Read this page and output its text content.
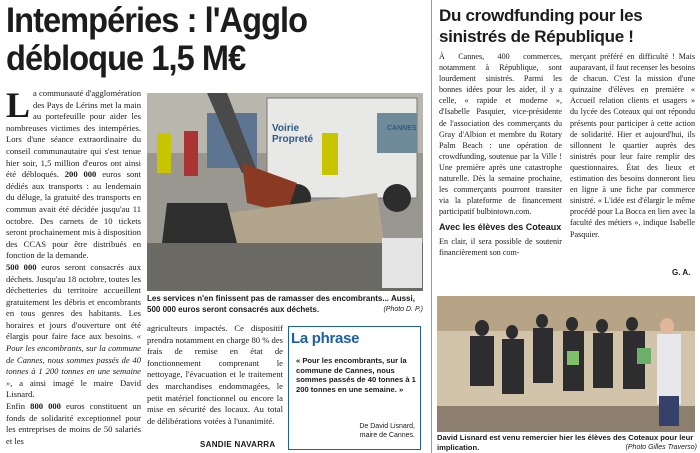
Intempéries : l'Agglo
débloque 1,5 M€
L a communauté d'agglomération des Pays de Lérins met la main au portefeuille pour aider les nombreuses victimes des intempéries. Lors d'une séance extraordinaire du conseil communautaire qui s'est tenue hier soir, 1,5 million d'euros ont ainsi été débloqués. 200 000 euros sont dédiés aux transports : au lendemain du déluge, la gratuité des transports en commun avait été décidée jusqu'au 11 octobre. Des carnets de 10 tickets seront prochainement mis à disposition des CCAS pour être distribués en fonction de la demande.
500 000 euros seront consacrés aux déchets. Jusqu'au 18 octobre, toutes les déchetteries du territoire accueillent gratuitement les débris et encombrants en tous genres des habitants. Les horaires et jours d'ouverture ont été élargis pour faire face aux besoins. « Pour les encombrants, sur la commune de Cannes, nous sommes passés de 40 tonnes à 1 200 tonnes en une semaine », a ainsi imagé le maire David Lisnard.
Enfin 800 000 euros constituent un fonds de solidarité exceptionnel pour les entreprises de moins de 50 salariés et les
Voirie Propreté
CANNES
Les services n'en finissent pas de ramasser des encombrants... Aussi, 500 000 euros seront consacrés aux déchets.	(Photo D. P.)

agriculteurs impactés. Ce dispositif prendra notamment en charge 80 % des frais de remise en état de fonctionnement comprenant le nettoyage, l'évacuation et le traitement des marchandises endommagées, le petit matériel fonctionnel ou encore la mise en sécurité des locaux. Au total de délibérations votées à l'unanimité.

SANDIE NAVARRA
La phrase
« Pour les encombrants, sur la commune de Cannes, nous sommes passés de 40 tonnes à 1 200 tonnes en une semaine. »
De David Lisnard,
maire de Cannes.
Du crowdfunding pour les
sinistrés de République !

À Cannes, 400 commerces, notamment à République, sont lourdement sinistrés. Parmi les bonnes idées pour les aider, il y a celle, « rapide et moderne », d'Isabelle Pasquier, vice-présidente de l'association des commerçants du Gray d'Albion et membre du Rotary Palm Beach : une opération de crowdfunding, soutenue par la Ville ! Une première après une catastrophe naturelle. Dès la semaine prochaine, les commerçants pourront transiter via la plateforme de financement participatif bulbintown.com.

Avec les élèves des Coteaux

En clair, il sera possible de soutenir financièrement son com-

merçant préféré en difficulté ! Mais auparavant, il faut recenser les besoins de chacun. C'est la mission d'une quinzaine d'élèves en première « Accueil relation clients et usagers » du lycée des Coteaux qui ont répondu présents pour participer à cette action de solidarité. Hier et aujourd'hui, ils sillonnent le quartier auprès des sinistrés pour leur faire remplir des questionnaires. État des lieux et estimation des besoins donneront lieu en ligne à une fiche par commerce sinistré. « L'idée est d'élargir le même procédé pour La Bocca en lien avec la faculté des métiers », indique Isabelle Pasquier.

G. A.
David Lisnard est venu remercier hier les élèves des Coteaux pour leur implication.	(Photo Gilles Traverso)
